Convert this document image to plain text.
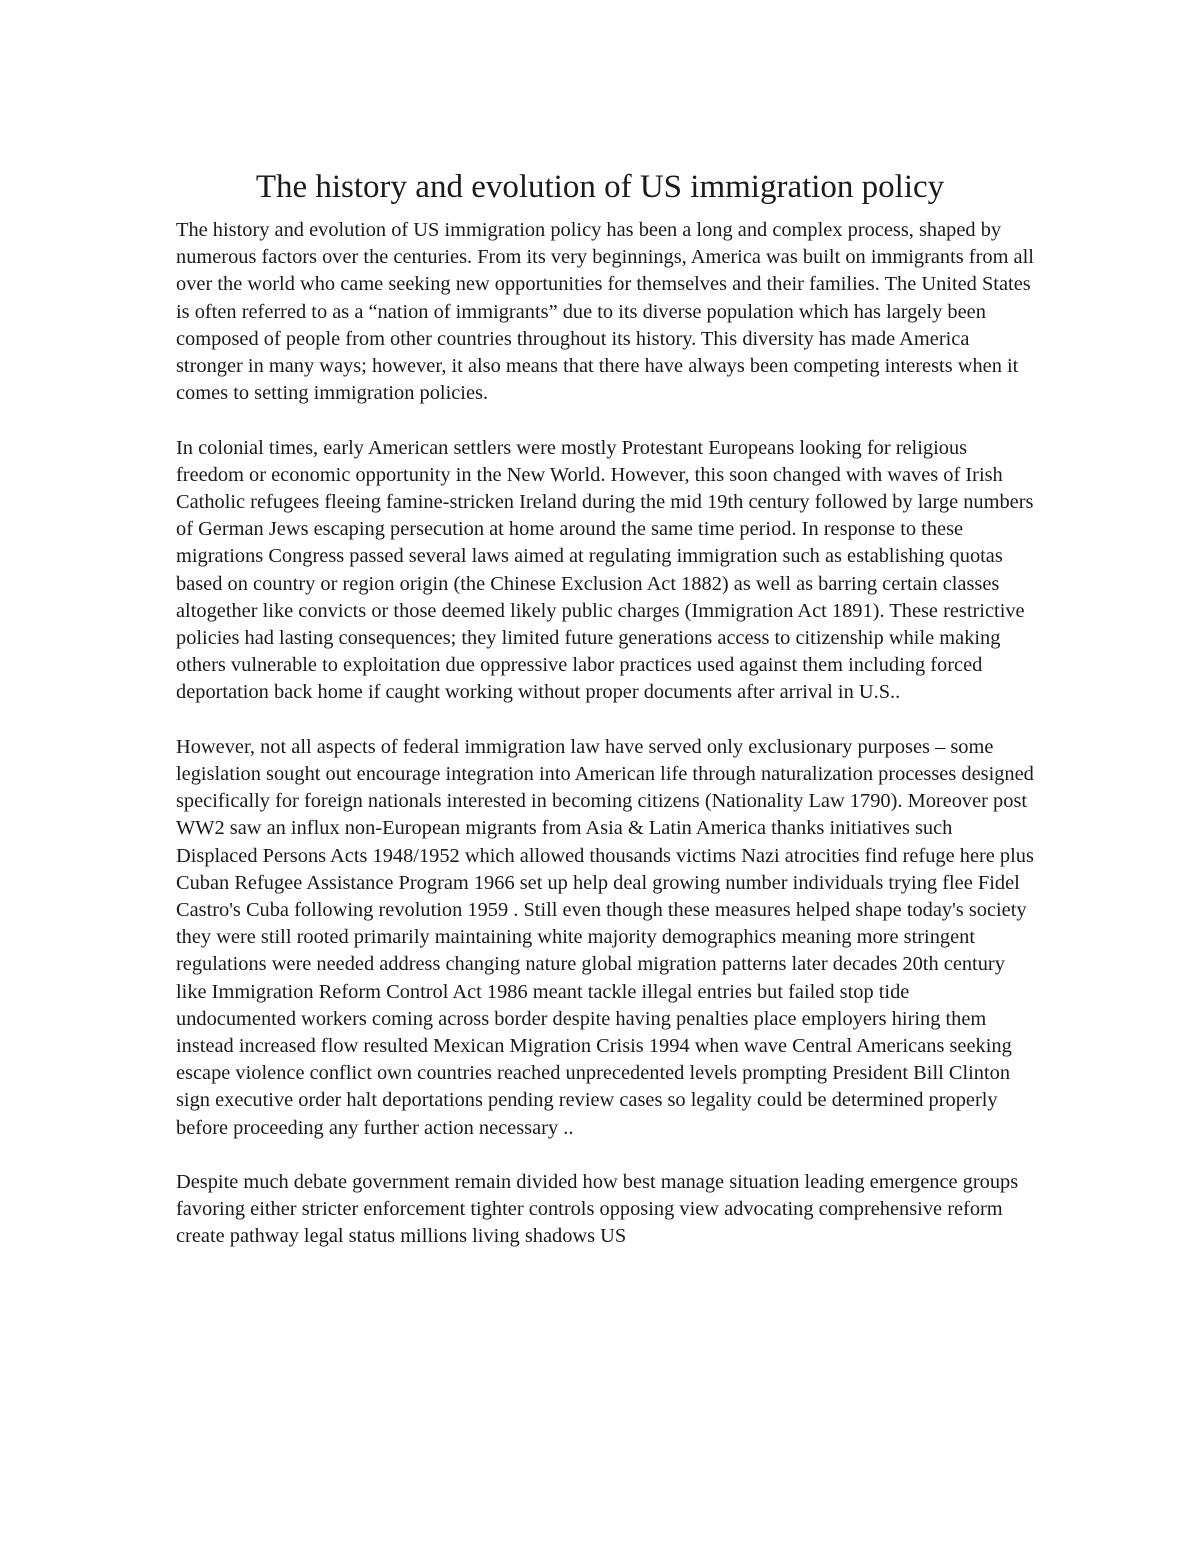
The history and evolution of US immigration policy

The history and evolution of US immigration policy has been a long and complex process, shaped by numerous factors over the centuries. From its very beginnings, America was built on immigrants from all over the world who came seeking new opportunities for themselves and their families. The United States is often referred to as a “nation of immigrants” due to its diverse population which has largely been composed of people from other countries throughout its history. This diversity has made America stronger in many ways; however, it also means that there have always been competing interests when it comes to setting immigration policies.

In colonial times, early American settlers were mostly Protestant Europeans looking for religious freedom or economic opportunity in the New World. However, this soon changed with waves of Irish Catholic refugees fleeing famine-stricken Ireland during the mid 19th century followed by large numbers of German Jews escaping persecution at home around the same time period. In response to these migrations Congress passed several laws aimed at regulating immigration such as establishing quotas based on country or region origin (the Chinese Exclusion Act 1882) as well as barring certain classes altogether like convicts or those deemed likely public charges (Immigration Act 1891). These restrictive policies had lasting consequences; they limited future generations access to citizenship while making others vulnerable to exploitation due oppressive labor practices used against them including forced deportation back home if caught working without proper documents after arrival in U.S..

However, not all aspects of federal immigration law have served only exclusionary purposes – some legislation sought out encourage integration into American life through naturalization processes designed specifically for foreign nationals interested in becoming citizens (Nationality Law 1790). Moreover post WW2 saw an influx non-European migrants from Asia & Latin America thanks initiatives such Displaced Persons Acts 1948/1952 which allowed thousands victims Nazi atrocities find refuge here plus Cuban Refugee Assistance Program 1966 set up help deal growing number individuals trying flee Fidel Castro's Cuba following revolution 1959 . Still even though these measures helped shape today's society they were still rooted primarily maintaining white majority demographics meaning more stringent regulations were needed address changing nature global migration patterns later decades 20th century like Immigration Reform Control Act 1986 meant tackle illegal entries but failed stop tide undocumented workers coming across border despite having penalties place employers hiring them instead increased flow resulted Mexican Migration Crisis 1994 when wave Central Americans seeking escape violence conflict own countries reached unprecedented levels prompting President Bill Clinton sign executive order halt deportations pending review cases so legality could be determined properly before proceeding any further action necessary ..

Despite much debate government remain divided how best manage situation leading emergence groups favoring either stricter enforcement tighter controls opposing view advocating comprehensive reform create pathway legal status millions living shadows US
